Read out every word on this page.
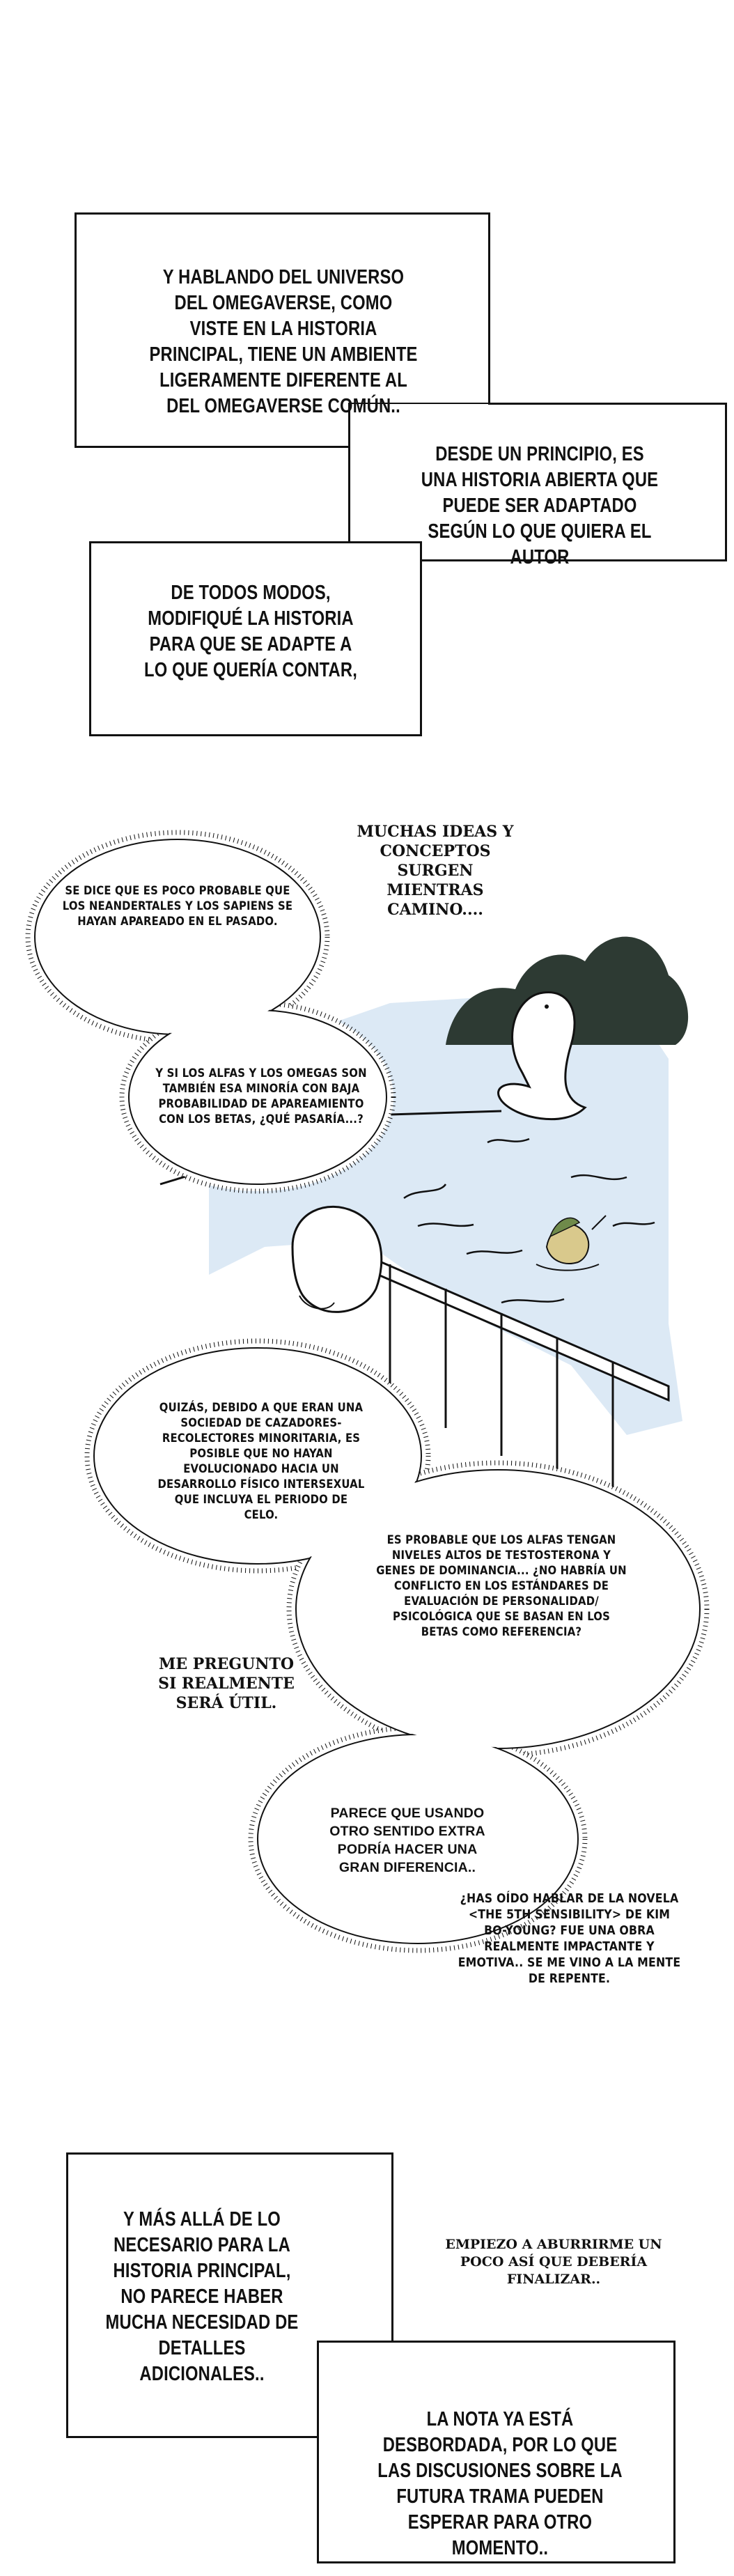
Y HABLANDO DEL UNIVERSO DEL OMEGAVERSE, COMO VISTE EN LA HISTORIA PRINCIPAL, TIENE UN AMBIENTE LIGERAMENTE DIFERENTE AL DEL OMEGAVERSE COMÚN..
DESDE UN PRINCIPIO, ES UNA HISTORIA ABIERTA QUE PUEDE SER ADAPTADO SEGÚN LO QUE QUIERA EL AUTOR
DE TODOS MODOS, MODIFIQUÉ LA HISTORIA PARA QUE SE ADAPTE A LO QUE QUERÍA CONTAR,
MUCHAS IDEAS Y CONCEPTOS SURGEN MIENTRAS CAMINO....
SE DICE QUE ES POCO PROBABLE QUE LOS NEANDERTALES Y LOS SAPIENS SE HAYAN APAREADO EN EL PASADO.
Y SI LOS ALFAS Y LOS OMEGAS SON TAMBIÉN ESA MINORÍA CON BAJA PROBABILIDAD DE APAREAMIENTO CON LOS BETAS, ¿QUÉ PASARÍA...?
QUIZÁS, DEBIDO A QUE ERAN UNA SOCIEDAD DE CAZADORES-RECOLECTORES MINORITARIA, ES POSIBLE QUE NO HAYAN EVOLUCIONADO HACIA UN DESARROLLO FÍSICO INTERSEXUAL QUE INCLUYA EL PERIODO DE CELO.
ES PROBABLE QUE LOS ALFAS TENGAN NIVELES ALTOS DE TESTOSTERONA Y GENES DE DOMINANCIA... ¿NO HABRÍA UN CONFLICTO EN LOS ESTÁNDARES DE EVALUACIÓN DE PERSONALIDAD/ PSICOLÓGICA QUE SE BASAN EN LOS BETAS COMO REFERENCIA?
ME PREGUNTO SI REALMENTE SERÁ ÚTIL.
PARECE QUE USANDO OTRO SENTIDO EXTRA PODRÍA HACER UNA GRAN DIFERENCIA..
¿HAS OÍDO HABLAR DE LA NOVELA <THE 5TH SENSIBILITY> DE KIM BO-YOUNG? FUE UNA OBRA REALMENTE IMPACTANTE Y EMOTIVA.. SE ME VINO A LA MENTE DE REPENTE.
Y MÁS ALLÁ DE LO NECESARIO PARA LA HISTORIA PRINCIPAL, NO PARECE HABER MUCHA NECESIDAD DE DETALLES ADICIONALES..
EMPIEZO A ABURRIRME UN POCO ASÍ QUE DEBERÍA FINALIZAR..
LA NOTA YA ESTÁ DESBORDADA, POR LO QUE LAS DISCUSIONES SOBRE LA FUTURA TRAMA PUEDEN ESPERAR PARA OTRO MOMENTO..
